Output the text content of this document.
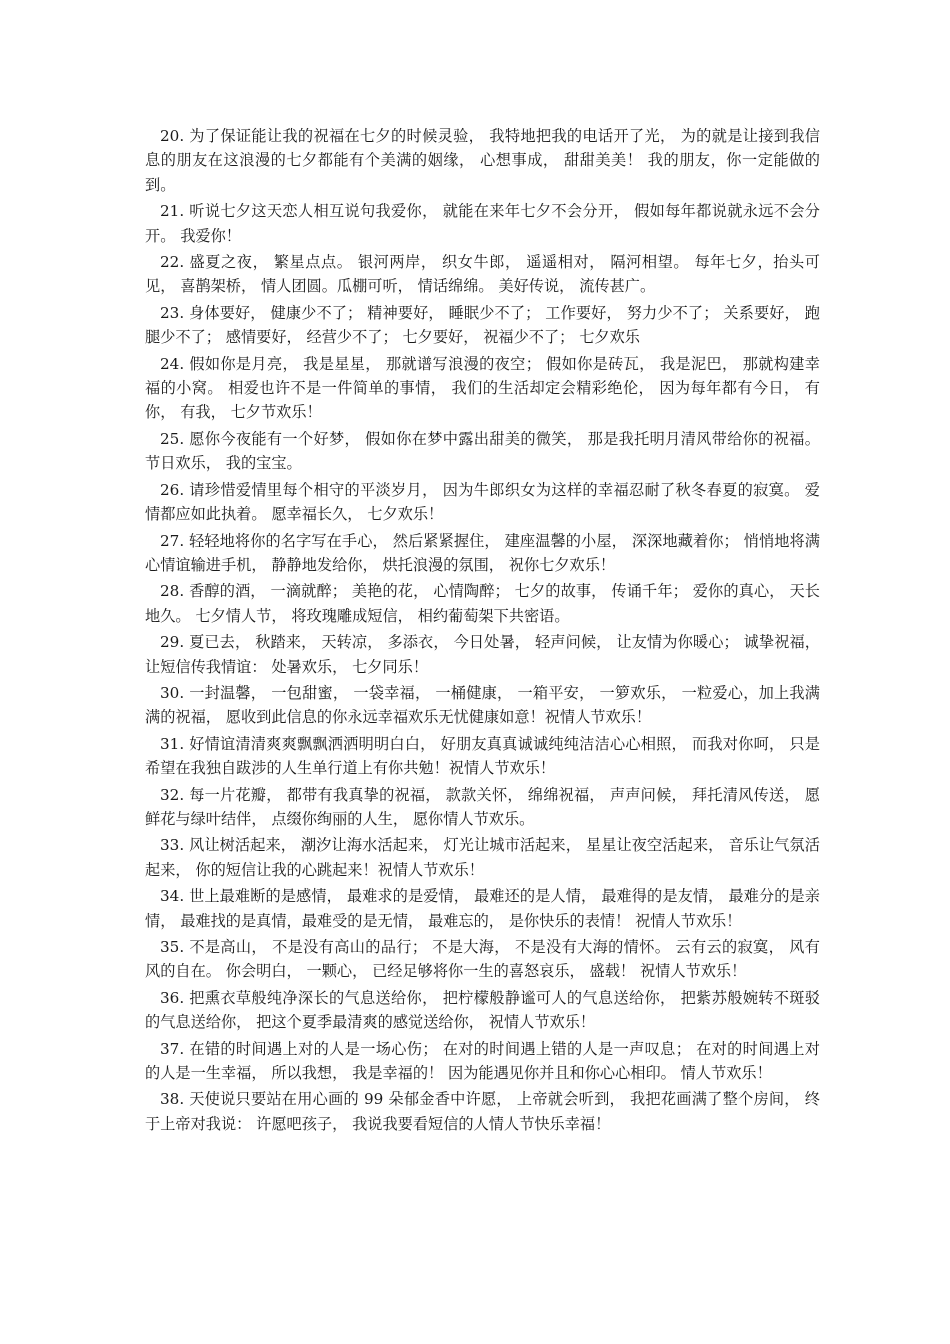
20. 为了保证能让我的祝福在七夕的时候灵验， 我特地把我的电话开了光， 为的就是让接到我信息的朋友在这浪漫的七夕都能有个美满的姻缘， 心想事成， 甜甜美美！ 我的朋友，你一定能做的到。

21. 听说七夕这天恋人相互说句我爱你， 就能在来年七夕不会分开， 假如每年都说就永远不会分开。 我爱你！

22. 盛夏之夜， 繁星点点。 银河两岸， 织女牛郎， 遥遥相对， 隔河相望。 每年七夕，抬头可见， 喜鹊架桥， 情人团圆。瓜棚可听， 情话绵绵。 美好传说， 流传甚广。

23. 身体要好， 健康少不了； 精神要好， 睡眠少不了； 工作要好， 努力少不了； 关系要好， 跑腿少不了； 感情要好， 经营少不了； 七夕要好， 祝福少不了； 七夕欢乐

24. 假如你是月亮， 我是星星， 那就谱写浪漫的夜空； 假如你是砖瓦， 我是泥巴， 那就构建幸福的小窝。 相爱也许不是一件简单的事情， 我们的生活却定会精彩绝伦， 因为每年都有今日， 有你， 有我， 七夕节欢乐！

25. 愿你今夜能有一个好梦， 假如你在梦中露出甜美的微笑， 那是我托明月清风带给你的祝福。 节日欢乐， 我的宝宝。

26. 请珍惜爱情里每个相守的平淡岁月， 因为牛郎织女为这样的幸福忍耐了秋冬春夏的寂寞。 爱情都应如此执着。 愿幸福长久， 七夕欢乐！

27. 轻轻地将你的名字写在手心， 然后紧紧握住， 建座温馨的小屋， 深深地藏着你； 悄悄地将满心情谊输进手机， 静静地发给你， 烘托浪漫的氛围， 祝你七夕欢乐！

28. 香醇的酒， 一滴就醉； 美艳的花， 心情陶醉； 七夕的故事， 传诵千年； 爱你的真心， 天长地久。 七夕情人节， 将玫瑰雕成短信， 相约葡萄架下共密语。

29. 夏已去， 秋踏来， 天转凉， 多添衣， 今日处暑， 轻声问候， 让友情为你暖心； 诚挚祝福， 让短信传我情谊： 处暑欢乐， 七夕同乐！

30. 一封温馨， 一包甜蜜， 一袋幸福， 一桶健康， 一箱平安， 一箩欢乐， 一粒爱心，加上我满满的祝福， 愿收到此信息的你永远幸福欢乐无忧健康如意！祝情人节欢乐！

31. 好情谊清清爽爽飘飘洒洒明明白白， 好朋友真真诚诚纯纯洁洁心心相照， 而我对你呵， 只是希望在我独自跋涉的人生单行道上有你共勉！祝情人节欢乐！

32. 每一片花瓣， 都带有我真挚的祝福， 款款关怀， 绵绵祝福， 声声问候， 拜托清风传送， 愿鲜花与绿叶结伴， 点缀你绚丽的人生， 愿你情人节欢乐。

33. 风让树活起来， 潮汐让海水活起来， 灯光让城市活起来， 星星让夜空活起来， 音乐让气氛活起来， 你的短信让我的心跳起来！祝情人节欢乐！

34. 世上最难断的是感情， 最难求的是爱情， 最难还的是人情， 最难得的是友情， 最难分的是亲情， 最难找的是真情，最难受的是无情， 最难忘的， 是你快乐的表情！ 祝情人节欢乐！

35. 不是高山， 不是没有高山的品行； 不是大海， 不是没有大海的情怀。 云有云的寂寞， 风有风的自在。 你会明白， 一颗心， 已经足够将你一生的喜怒哀乐， 盛载！ 祝情人节欢乐！

36. 把熏衣草般纯净深长的气息送给你， 把柠檬般静谧可人的气息送给你， 把紫苏般婉转不斑驳的气息送给你， 把这个夏季最清爽的感觉送给你， 祝情人节欢乐！

37. 在错的时间遇上对的人是一场心伤； 在对的时间遇上错的人是一声叹息； 在对的时间遇上对的人是一生幸福， 所以我想， 我是幸福的！ 因为能遇见你并且和你心心相印。 情人节欢乐！

38. 天使说只要站在用心画的 99 朵郁金香中许愿， 上帝就会听到， 我把花画满了整个房间， 终于上帝对我说： 许愿吧孩子， 我说我要看短信的人情人节快乐幸福！
